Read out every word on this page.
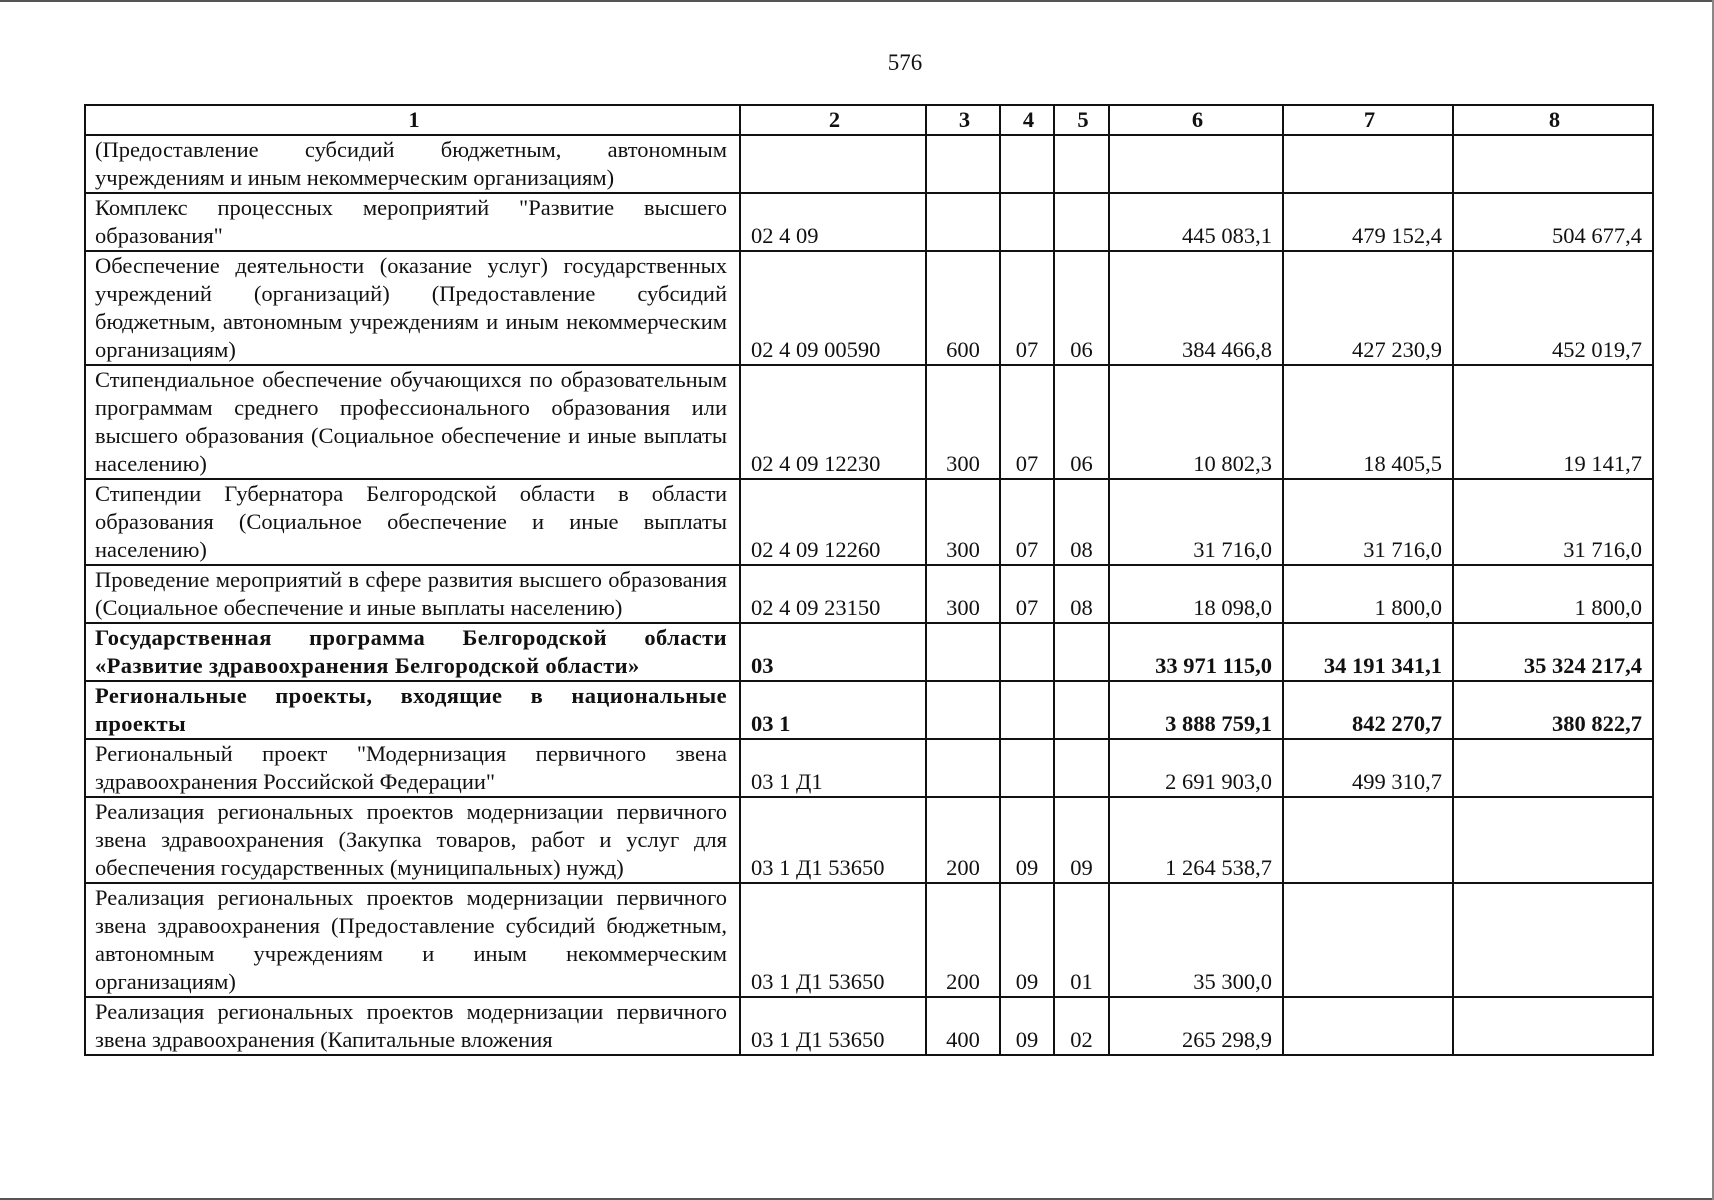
576
1	2	3	4	5	6	7	8
(Предоставление субсидий бюджетным, автономным учреждениям и иным некоммерческим организациям)							
Комплекс процессных мероприятий "Развитие высшего образования"	02 4 09				445 083,1	479 152,4	504 677,4
Обеспечение деятельности (оказание услуг) государственных учреждений (организаций) (Предоставление субсидий бюджетным, автономным учреждениям и иным некоммерческим организациям)	02 4 09 00590	600	07	06	384 466,8	427 230,9	452 019,7
Стипендиальное обеспечение обучающихся по образовательным программам среднего профессионального образования или высшего образования (Социальное обеспечение и иные выплаты населению)	02 4 09 12230	300	07	06	10 802,3	18 405,5	19 141,7
Стипендии Губернатора Белгородской области в области образования (Социальное обеспечение и иные выплаты населению)	02 4 09 12260	300	07	08	31 716,0	31 716,0	31 716,0
Проведение мероприятий в сфере развития высшего образования (Социальное обеспечение и иные выплаты населению)	02 4 09 23150	300	07	08	18 098,0	1 800,0	1 800,0
Государственная программа Белгородской области «Развитие здравоохранения Белгородской области»	03				33 971 115,0	34 191 341,1	35 324 217,4
Региональные проекты, входящие в национальные проекты	03 1				3 888 759,1	842 270,7	380 822,7
Региональный проект "Модернизация первичного звена здравоохранения Российской Федерации"	03 1 Д1				2 691 903,0	499 310,7	
Реализация региональных проектов модернизации первичного звена здравоохранения (Закупка товаров, работ и услуг для обеспечения государственных (муниципальных) нужд)	03 1 Д1 53650	200	09	09	1 264 538,7		
Реализация региональных проектов модернизации первичного звена здравоохранения (Предоставление субсидий бюджетным, автономным учреждениям и иным некоммерческим организациям)	03 1 Д1 53650	200	09	01	35 300,0		
Реализация региональных проектов модернизации первичного звена здравоохранения (Капитальные вложения	03 1 Д1 53650	400	09	02	265 298,9		
